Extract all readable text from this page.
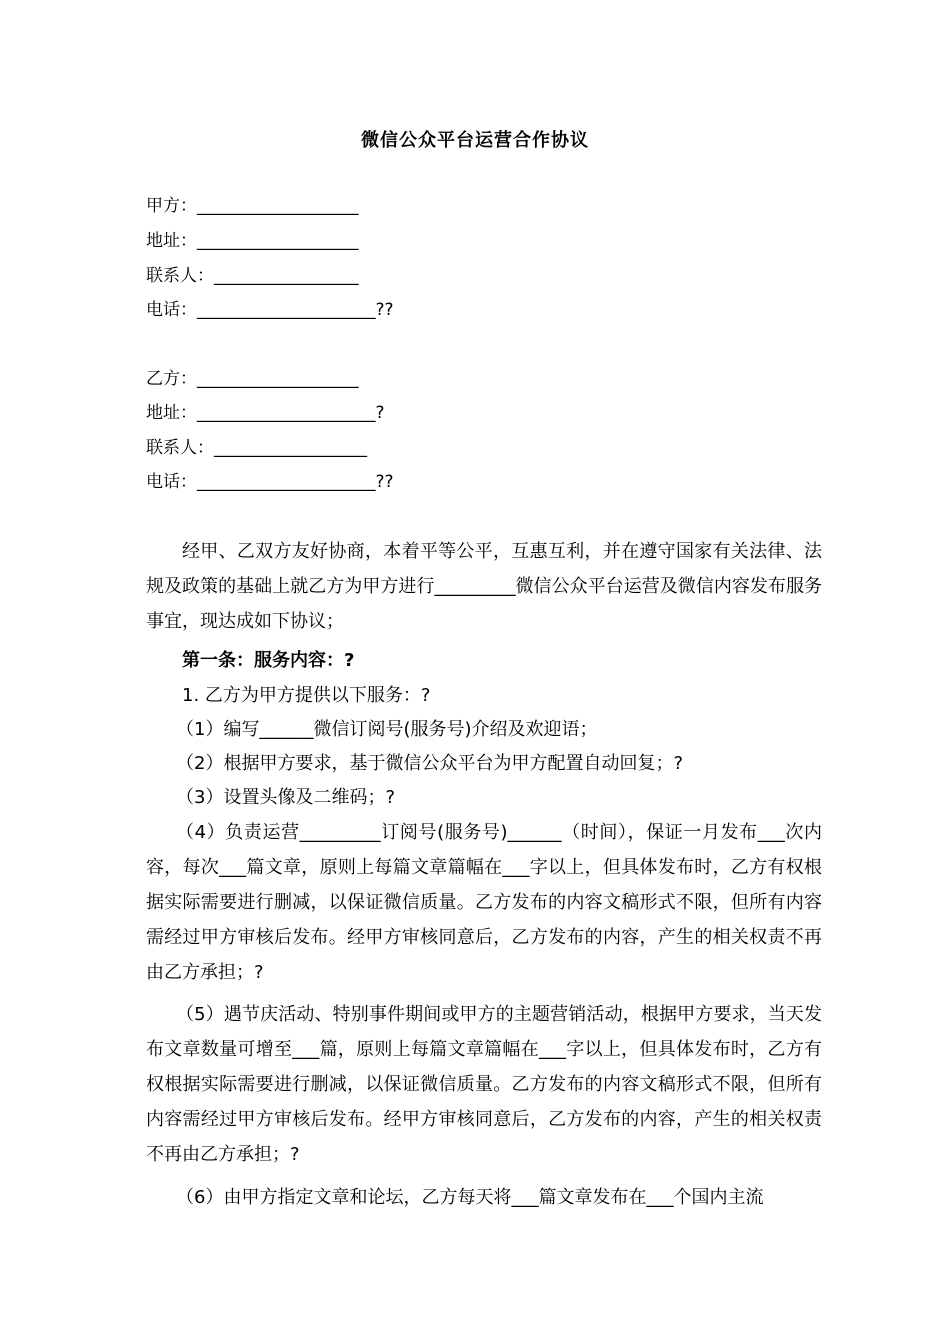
微信公众平台运营合作协议
甲方：___________________
地址：___________________
联系人：_________________
电话：_____________________??
乙方：___________________
地址：_____________________?
联系人：__________________
电话：_____________________??
经甲、乙双方友好协商，本着平等公平，互惠互利，并在遵守国家有关法律、法规及政策的基础上就乙方为甲方进行_________微信公众平台运营及微信内容发布服务事宜，现达成如下协议；
第一条：服务内容：?
1. 乙方为甲方提供以下服务：?
（1）编写______微信订阅号(服务号)介绍及欢迎语；
（2）根据甲方要求，基于微信公众平台为甲方配置自动回复；?
（3）设置头像及二维码；?
（4）负责运营_________订阅号(服务号)______（时间），保证一月发布___次内容，每次___篇文章，原则上每篇文章篇幅在___字以上，但具体发布时，乙方有权根据实际需要进行删减，以保证微信质量。乙方发布的内容文稿形式不限，但所有内容需经过甲方审核后发布。经甲方审核同意后，乙方发布的内容，产生的相关权责不再由乙方承担；?
（5）遇节庆活动、特别事件期间或甲方的主题营销活动，根据甲方要求，当天发布文章数量可增至___篇，原则上每篇文章篇幅在___字以上，但具体发布时，乙方有权根据实际需要进行删减，以保证微信质量。乙方发布的内容文稿形式不限，但所有内容需经过甲方审核后发布。经甲方审核同意后，乙方发布的内容，产生的相关权责不再由乙方承担；?
（6）由甲方指定文章和论坛，乙方每天将___篇文章发布在___个国内主流
